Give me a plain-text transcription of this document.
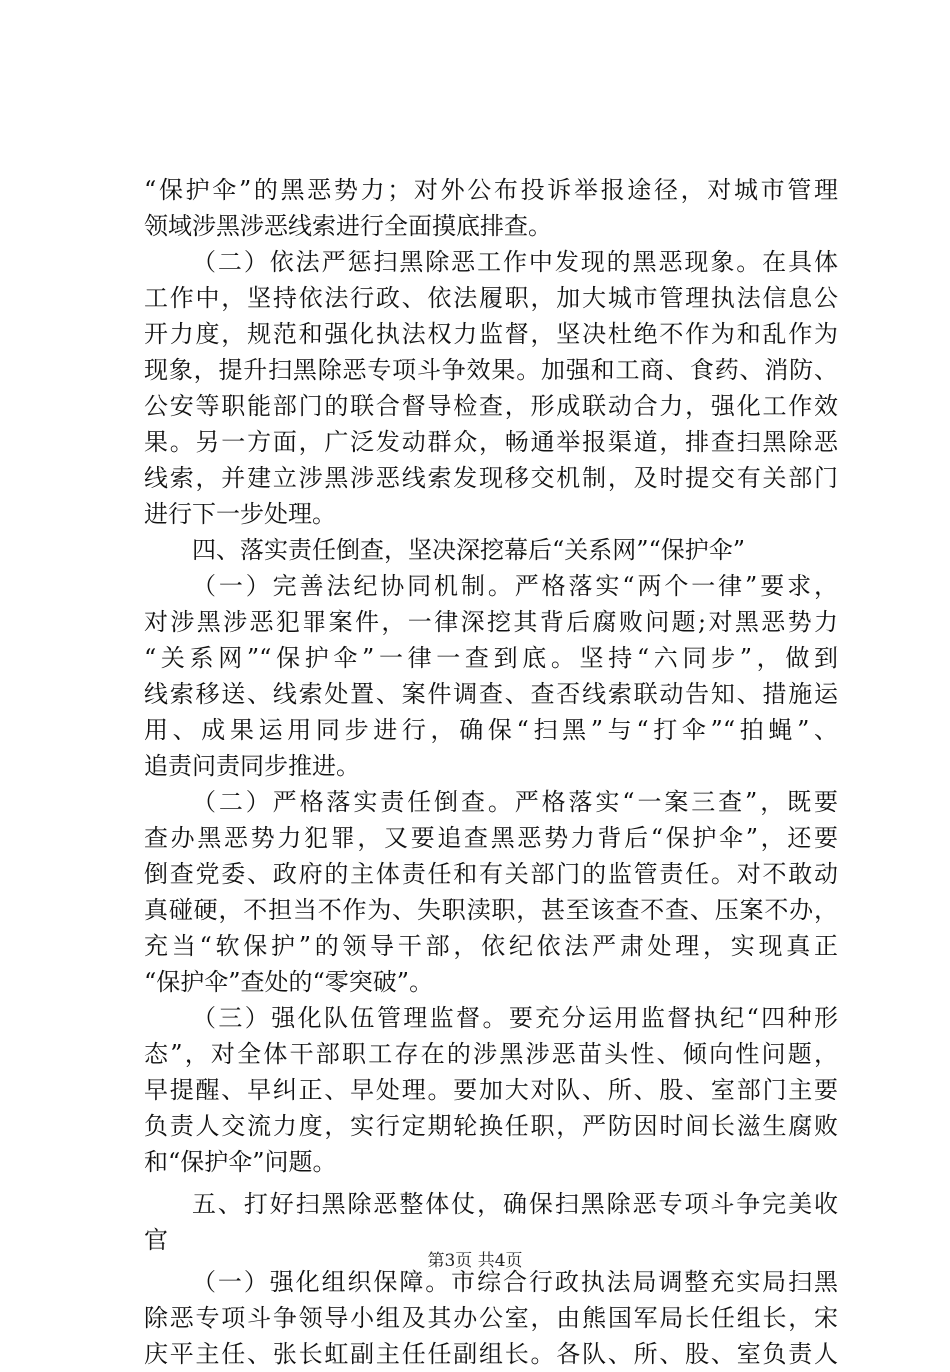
“保护伞”的黑恶势力；对外公布投诉举报途径，对城市管理
领域涉黑涉恶线索进行全面摸底排查。
（二）依法严惩扫黑除恶工作中发现的黑恶现象。在具体
工作中，坚持依法行政、依法履职，加大城市管理执法信息公
开力度，规范和强化执法权力监督，坚决杜绝不作为和乱作为
现象，提升扫黑除恶专项斗争效果。加强和工商、食药、消防、
公安等职能部门的联合督导检查，形成联动合力，强化工作效
果。另一方面，广泛发动群众，畅通举报渠道，排查扫黑除恶
线索，并建立涉黑涉恶线索发现移交机制，及时提交有关部门
进行下一步处理。
四、落实责任倒查，坚决深挖幕后“关系网”“保护伞”
（一）完善法纪协同机制。严格落实“两个一律”要求，
对涉黑涉恶犯罪案件，一律深挖其背后腐败问题;对黑恶势力
“关系网”“保护伞”一律一查到底。坚持“六同步”，做到
线索移送、线索处置、案件调查、查否线索联动告知、措施运
用、成果运用同步进行，确保“扫黑”与“打伞”“拍蝇”、
追责问责同步推进。
（二）严格落实责任倒查。严格落实“一案三查”，既要
查办黑恶势力犯罪，又要追查黑恶势力背后“保护伞”，还要
倒查党委、政府的主体责任和有关部门的监管责任。对不敢动
真碰硬，不担当不作为、失职渎职，甚至该查不查、压案不办，
充当“软保护”的领导干部，依纪依法严肃处理，实现真正
“保护伞”查处的“零突破”。
（三）强化队伍管理监督。要充分运用监督执纪“四种形
态”，对全体干部职工存在的涉黑涉恶苗头性、倾向性问题，
早提醒、早纠正、早处理。要加大对队、所、股、室部门主要
负责人交流力度，实行定期轮换任职，严防因时间长滋生腐败
和“保护伞”问题。
五、打好扫黑除恶整体仗，确保扫黑除恶专项斗争完美收
官
（一）强化组织保障。市综合行政执法局调整充实局扫黑
除恶专项斗争领导小组及其办公室，由熊国军局长任组长，宋
庆平主任、张长虹副主任任副组长。各队、所、股、室负责人
第3页 共4页
